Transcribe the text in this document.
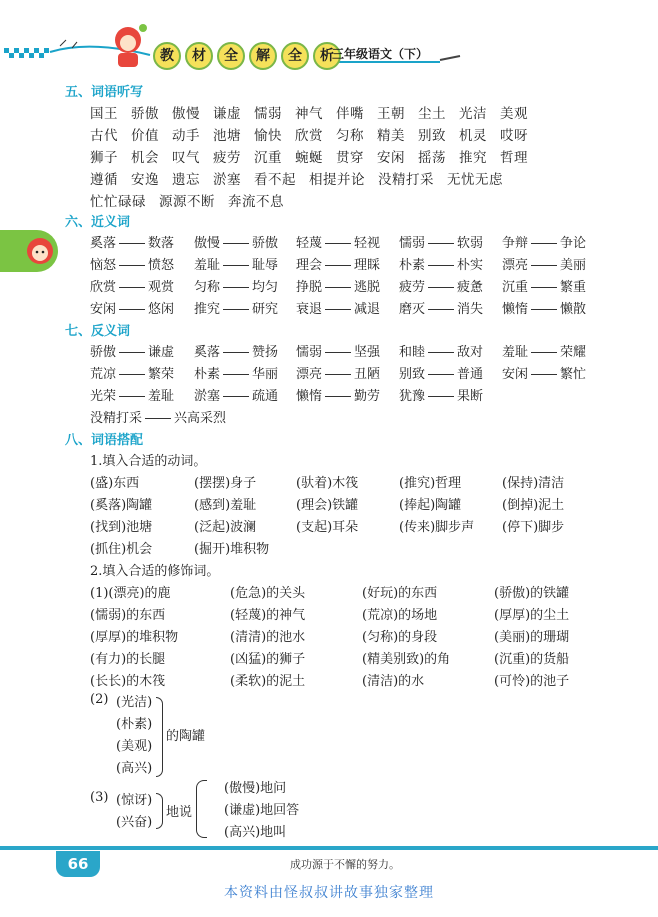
教	材	全	解	全	析
三年级语文（下）
五、词语听写
国王 骄傲 傲慢 谦虚 懦弱 神气 伴嘴 王朝 尘土 光洁 美观
古代 价值 动手 池塘 愉快 欣赏 匀称 精美 别致 机灵 哎呀
狮子 机会 叹气 疲劳 沉重 蜿蜒 贯穿 安闲 摇荡 推究 哲理
遵循 安逸 遗忘 淤塞 看不起 相提并论 没精打采 无忧无虑
忙忙碌碌 源源不断 奔流不息
六、近义词
奚落 数落 傲慢 骄傲 轻蔑 轻视 懦弱 软弱 争辩 争论
恼怒 愤怒 羞耻 耻辱 理会 理睬 朴素 朴实 漂亮 美丽
欣赏 观赏 匀称 均匀 挣脱 逃脱 疲劳 疲惫 沉重 繁重
安闲 悠闲 推究 研究 衰退 减退 磨灭 消失 懒惰 懒散
七、反义词
骄傲 谦虚 奚落 赞扬 懦弱 坚强 和睦 敌对 羞耻 荣耀
荒凉 繁荣 朴素 华丽 漂亮 丑陋 别致 普通 安闲 繁忙
光荣 羞耻 淤塞 疏通 懒惰 勤劳 犹豫 果断
没精打采 兴高采烈
八、词语搭配
1.填入合适的动词。
(盛)东西	(摆摆)身子	(驮着)木筏	(推究)哲理	(保持)清洁
(奚落)陶罐	(感到)羞耻	(理会)铁罐	(捧起)陶罐	(倒掉)泥土
(找到)池塘	(泛起)波澜	(支起)耳朵	(传来)脚步声 (停下)脚步
(抓住)机会	(掘开)堆积物
2.填入合适的修饰词。
(1)(漂亮)的鹿	(危急)的关头	(好玩)的东西	(骄傲)的铁罐
(懦弱)的东西	(轻蔑)的神气	(荒凉)的场地	(厚厚)的尘土
(厚厚)的堆积物	(清清)的池水	(匀称)的身段	(美丽)的珊瑚
(有力)的长腿	(凶猛)的狮子	(精美别致)的角	(沉重)的货船
(长长)的木筏	(柔软)的泥土	(清洁)的水	(可怜)的池子
(2) (光洁)
(朴素)
(美观)
(高兴)
的陶罐
(3) (惊讶)
(兴奋)
地说
(傲慢)地问
(谦虚)地回答
(高兴)地叫
66	成功源于不懈的努力。
本资料由怪叔叔讲故事独家整理
